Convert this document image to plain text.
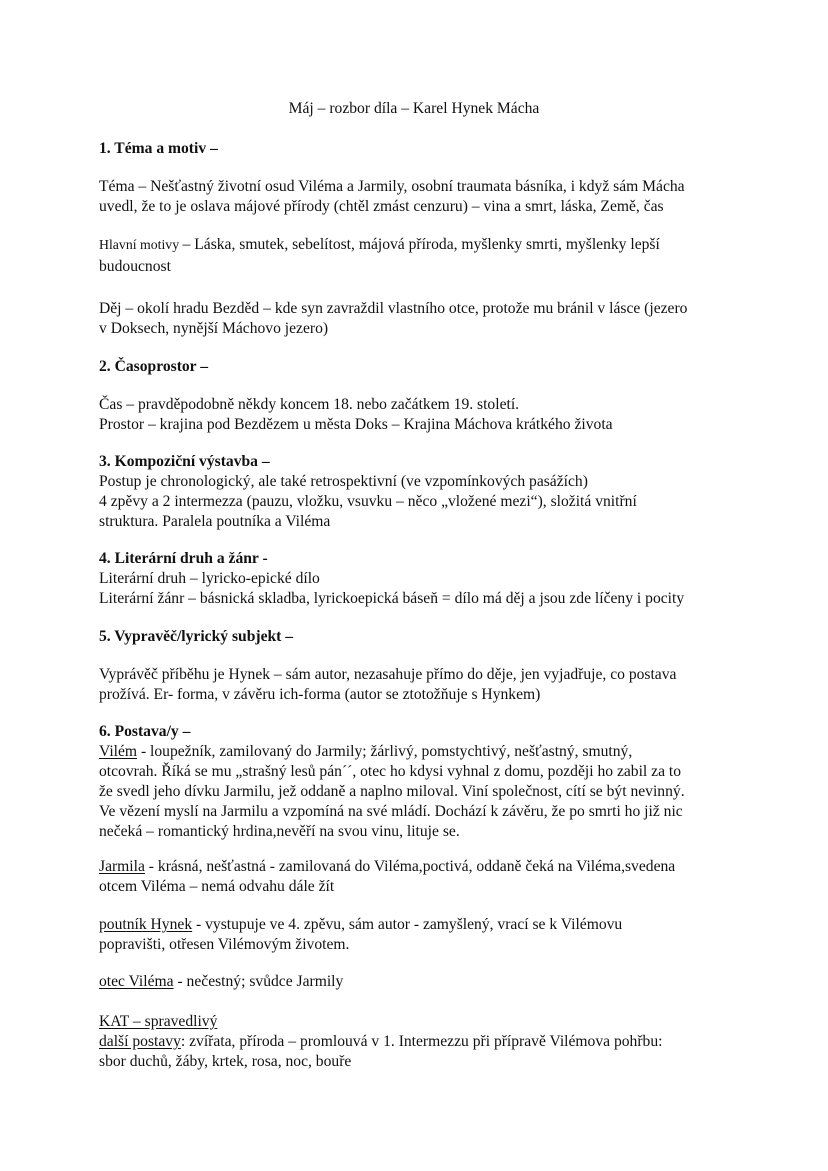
Máj – rozbor díla – Karel Hynek Mácha
1. Téma a motiv –
Téma – Nešťastný životní osud Viléma a Jarmily, osobní traumata básníka, i když sám Mácha
uvedl, že to je oslava májové přírody (chtěl zmást cenzuru) – vina a smrt, láska, Země, čas
Hlavní motivy – Láska, smutek, sebelítost, májová příroda, myšlenky smrti, myšlenky lepší
budoucnost
Děj – okolí hradu Bezděd – kde syn zavraždil vlastního otce, protože mu bránil v lásce (jezero
v Doksech, nynější Máchovo jezero)
2. Časoprostor –
Čas – pravděpodobně někdy koncem 18. nebo začátkem 19. století.
Prostor – krajina pod Bezdězem u města Doks – Krajina Máchova krátkého života
3. Kompoziční výstavba –
Postup je chronologický, ale také retrospektivní (ve vzpomínkových pasážích)
4 zpěvy a 2 intermezza (pauzu, vložku, vsuvku – něco „vložené mezi“), složitá vnitřní
struktura. Paralela poutníka a Viléma
4. Literární druh a žánr -
Literární druh – lyricko-epické dílo
Literární žánr – básnická skladba, lyrickoepická báseň = dílo má děj a jsou zde líčeny i pocity
5. Vypravěč/lyrický subjekt –
Vyprávěč příběhu je Hynek – sám autor, nezasahuje přímo do děje, jen vyjadřuje, co postava
prožívá. Er- forma, v závěru ich-forma (autor se ztotožňuje s Hynkem)
6. Postava/y –
Vilém - loupežník, zamilovaný do Jarmily; žárlivý, pomstychtivý, nešťastný, smutný,
otcovrah. Říká se mu „strašný lesů pán´´, otec ho kdysi vyhnal z domu, později ho zabil za to
že svedl jeho dívku Jarmilu, jež oddaně a naplno miloval. Viní společnost, cítí se být nevinný.
Ve vězení myslí na Jarmilu a vzpomíná na své mládí. Dochází k závěru, že po smrti ho již nic
nečeká – romantický hrdina,nevěří na svou vinu, lituje se.
Jarmila - krásná, nešťastná - zamilovaná do Viléma,poctivá, oddaně čeká na Viléma,svedena
otcem Viléma – nemá odvahu dále žít
poutník Hynek - vystupuje ve 4. zpěvu, sám autor - zamyšlený, vrací se k Vilémovu
popravišti, otřesen Vilémovým životem.
otec Viléma - nečestný; svůdce Jarmily
KAT – spravedlivý
další postavy: zvířata, příroda – promlouvá v 1. Intermezzu při přípravě Vilémova pohřbu:
sbor duchů, žáby, krtek, rosa, noc, bouře
